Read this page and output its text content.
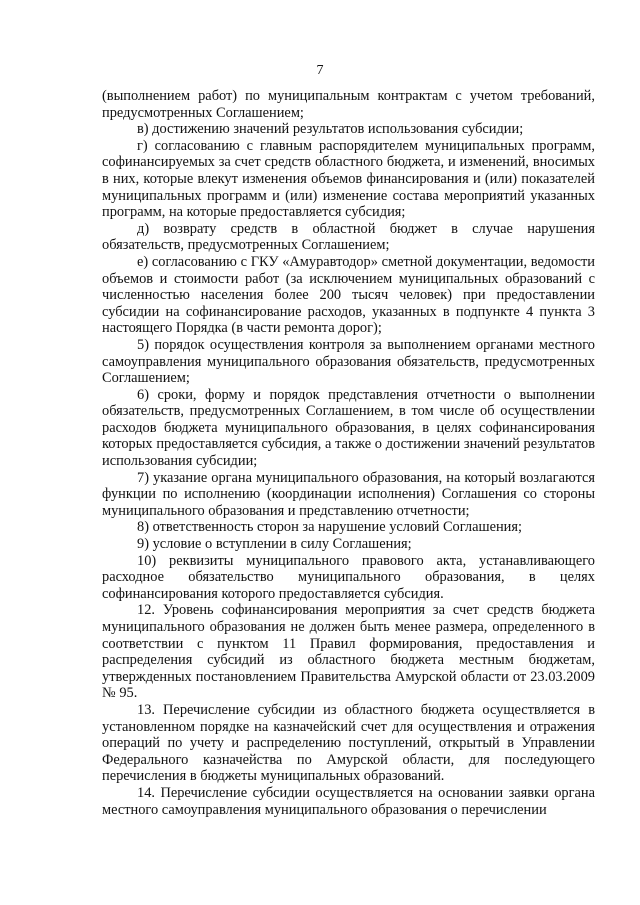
7

(выполнением работ) по муниципальным контрактам с учетом требований, предусмотренных Соглашением;

в) достижению значений результатов использования субсидии;

г) согласованию с главным распорядителем муниципальных программ, софинансируемых за счет средств областного бюджета, и изменений, вносимых в них, которые влекут изменения объемов финансирования и (или) показателей муниципальных программ и (или) изменение состава мероприятий указанных программ, на которые предоставляется субсидия;

д) возврату средств в областной бюджет в случае нарушения обязательств, предусмотренных Соглашением;

е) согласованию с ГКУ «Амуравтодор» сметной документации, ведомости объемов и стоимости работ (за исключением муниципальных образований с численностью населения более 200 тысяч человек) при предоставлении субсидии на софинансирование расходов, указанных в подпункте 4 пункта 3 настоящего Порядка (в части ремонта дорог);

5) порядок осуществления контроля за выполнением органами местного самоуправления муниципального образования обязательств, предусмотренных Соглашением;

6) сроки, форму и порядок представления отчетности о выполнении обязательств, предусмотренных Соглашением, в том числе об осуществлении расходов бюджета муниципального образования, в целях софинансирования которых предоставляется субсидия, а также о достижении значений результатов использования субсидии;

7) указание органа муниципального образования, на который возлагаются функции по исполнению (координации исполнения) Соглашения со стороны муниципального образования и представлению отчетности;

8) ответственность сторон за нарушение условий Соглашения;

9) условие о вступлении в силу Соглашения;

10) реквизиты муниципального правового акта, устанавливающего расходное обязательство муниципального образования, в целях софинансирования которого предоставляется субсидия.

12. Уровень софинансирования мероприятия за счет средств бюджета муниципального образования не должен быть менее размера, определенного в соответствии с пунктом 11 Правил формирования, предоставления и распределения субсидий из областного бюджета местным бюджетам, утвержденных постановлением Правительства Амурской области от 23.03.2009 № 95.

13. Перечисление субсидии из областного бюджета осуществляется в установленном порядке на казначейский счет для осуществления и отражения операций по учету и распределению поступлений, открытый в Управлении Федерального казначейства по Амурской области, для последующего перечисления в бюджеты муниципальных образований.

14. Перечисление субсидии осуществляется на основании заявки органа местного самоуправления муниципального образования о перечислении
